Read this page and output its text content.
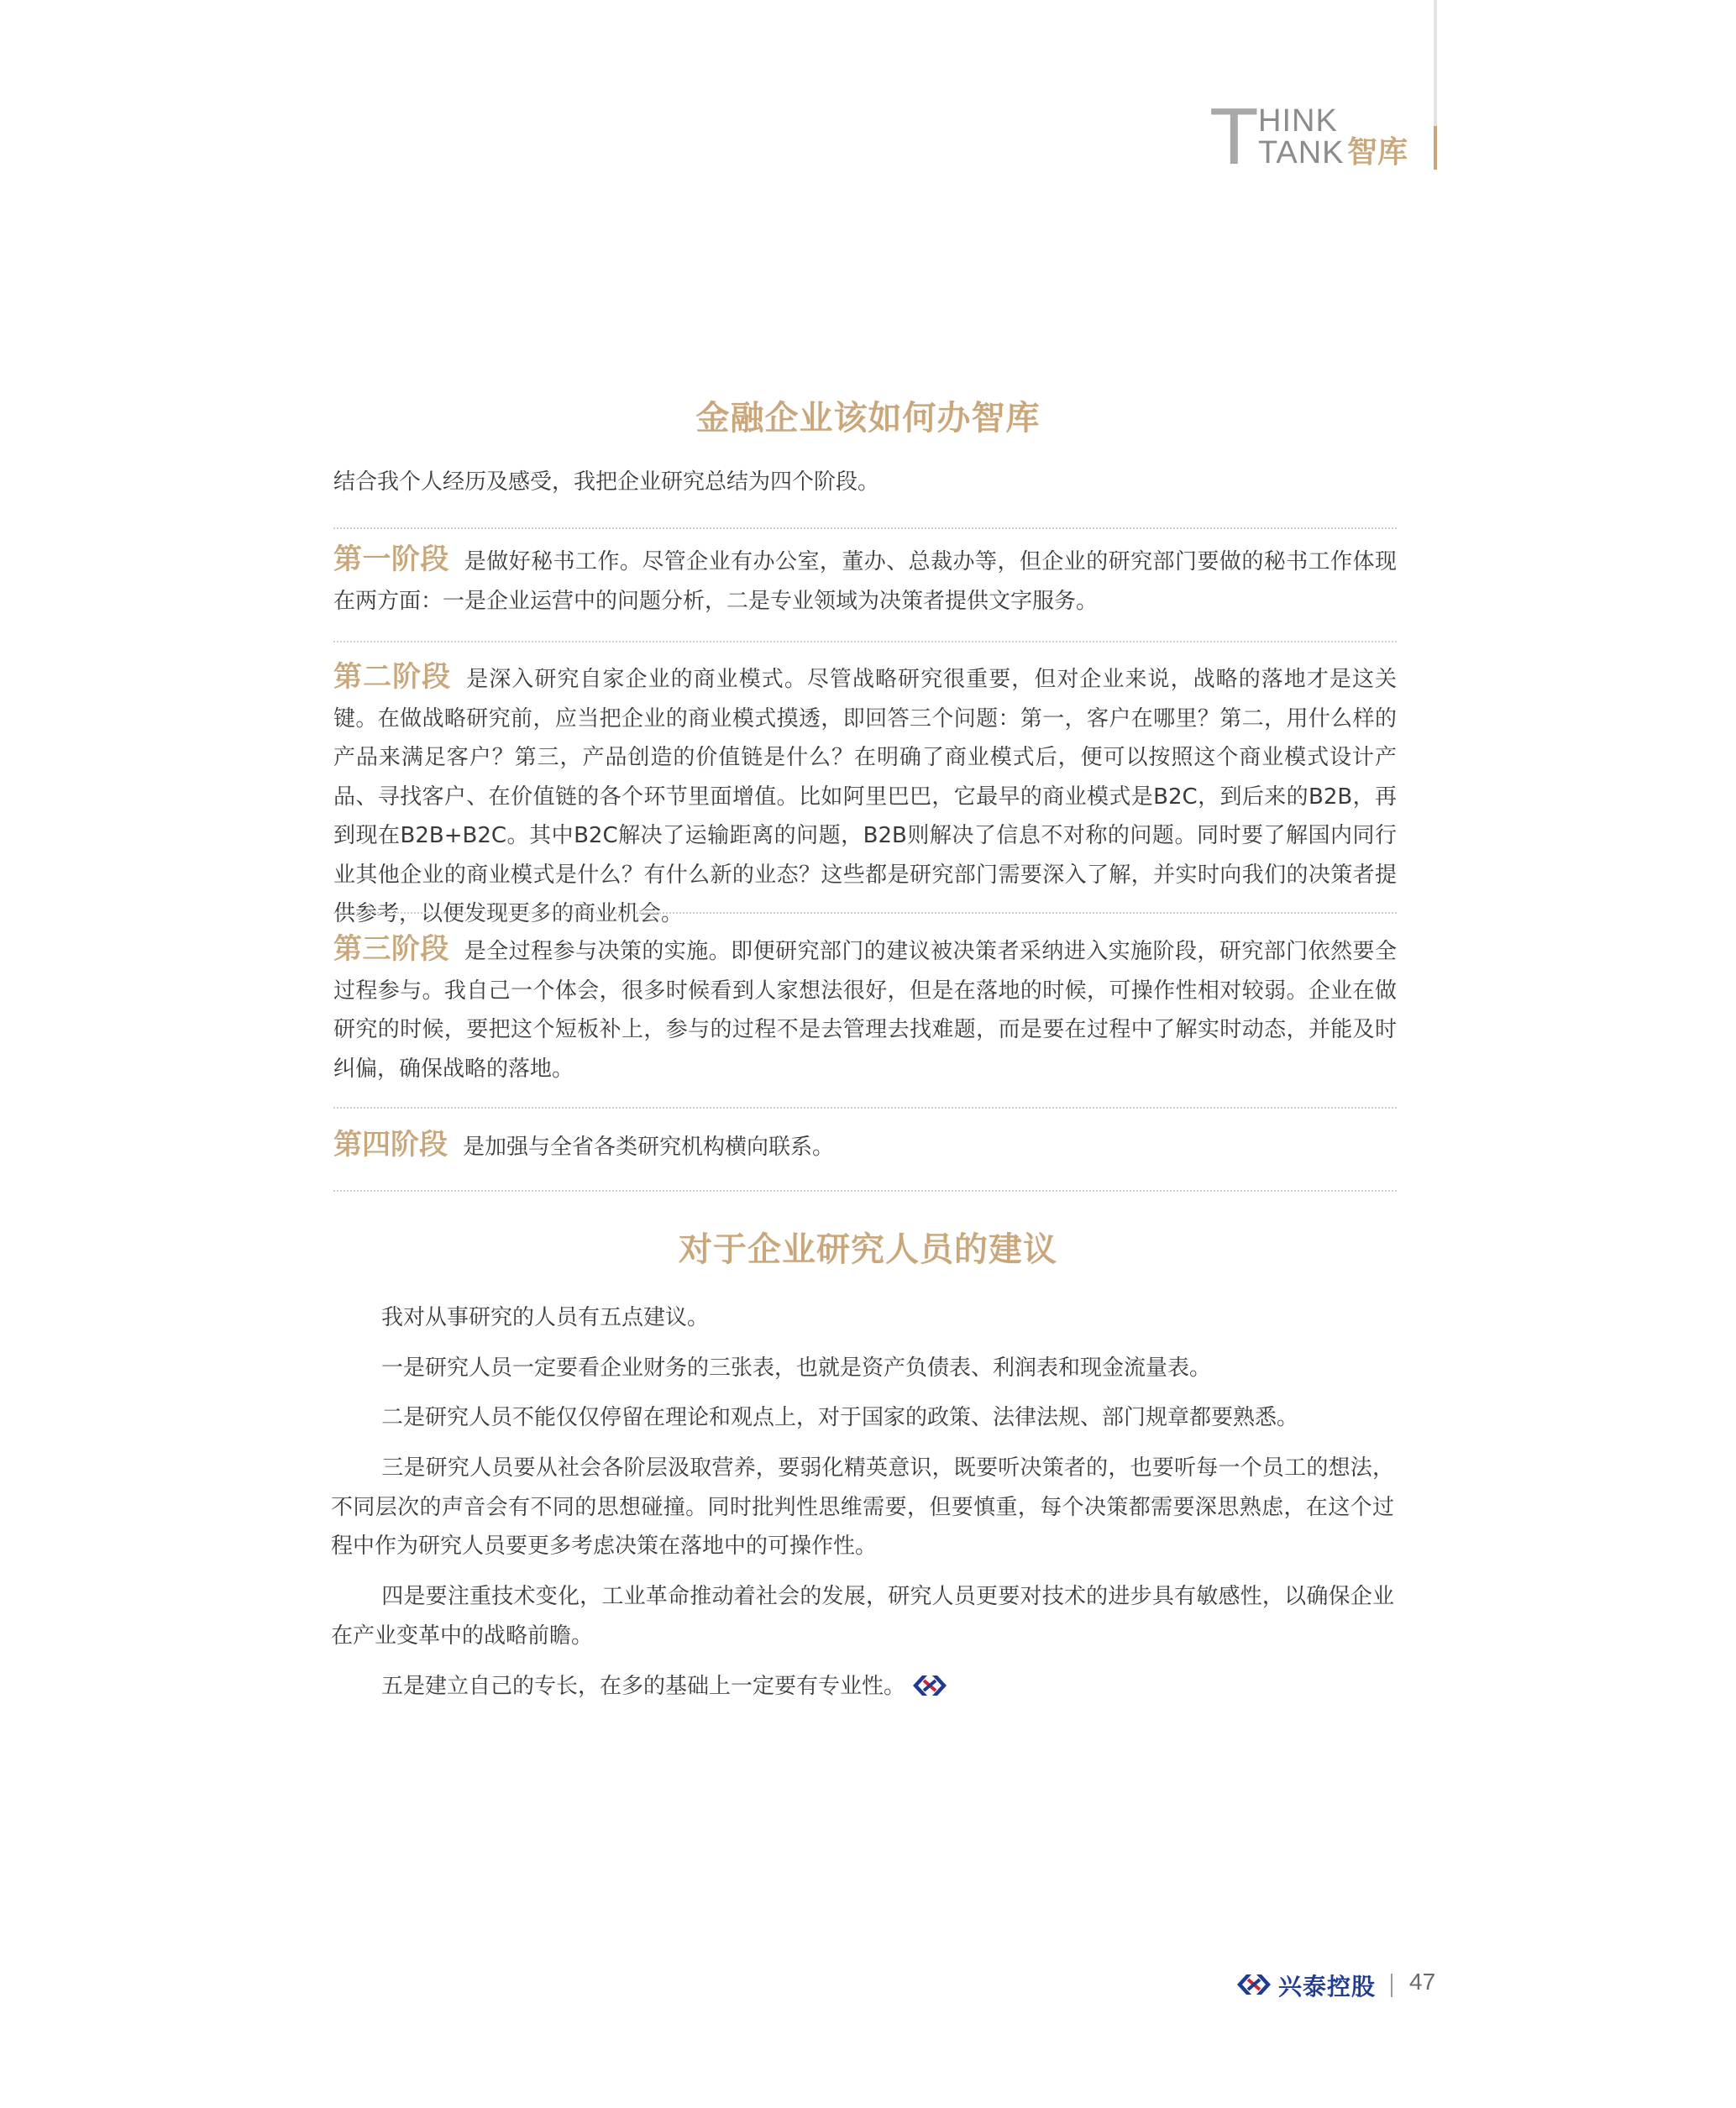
T HINK
TANK 智库
金融企业该如何办智库
结合我个人经历及感受，我把企业研究总结为四个阶段。
第一阶段 是做好秘书工作。尽管企业有办公室，董办、总裁办等，但企业的研究部门要做的秘书工作体现在两方面：一是企业运营中的问题分析，二是专业领域为决策者提供文字服务。
第二阶段 是深入研究自家企业的商业模式。尽管战略研究很重要，但对企业来说，战略的落地才是这关键。在做战略研究前，应当把企业的商业模式摸透，即回答三个问题：第一，客户在哪里？第二，用什么样的产品来满足客户？第三，产品创造的价值链是什么？在明确了商业模式后，便可以按照这个商业模式设计产品、寻找客户、在价值链的各个环节里面增值。比如阿里巴巴，它最早的商业模式是B2C，到后来的B2B，再到现在B2B+B2C。其中B2C解决了运输距离的问题，B2B则解决了信息不对称的问题。同时要了解国内同行业其他企业的商业模式是什么？有什么新的业态？这些都是研究部门需要深入了解，并实时向我们的决策者提供参考，以便发现更多的商业机会。
第三阶段 是全过程参与决策的实施。即便研究部门的建议被决策者采纳进入实施阶段，研究部门依然要全过程参与。我自己一个体会，很多时候看到人家想法很好，但是在落地的时候，可操作性相对较弱。企业在做研究的时候，要把这个短板补上，参与的过程不是去管理去找难题，而是要在过程中了解实时动态，并能及时纠偏，确保战略的落地。
第四阶段 是加强与全省各类研究机构横向联系。
对于企业研究人员的建议
我对从事研究的人员有五点建议。
一是研究人员一定要看企业财务的三张表，也就是资产负债表、利润表和现金流量表。
二是研究人员不能仅仅停留在理论和观点上，对于国家的政策、法律法规、部门规章都要熟悉。
三是研究人员要从社会各阶层汲取营养，要弱化精英意识，既要听决策者的，也要听每一个员工的想法，不同层次的声音会有不同的思想碰撞。同时批判性思维需要，但要慎重，每个决策都需要深思熟虑，在这个过程中作为研究人员要更多考虑决策在落地中的可操作性。
四是要注重技术变化，工业革命推动着社会的发展，研究人员更要对技术的进步具有敏感性，以确保企业在产业变革中的战略前瞻。
五是建立自己的专长，在多的基础上一定要有专业性。
兴泰控股 47
